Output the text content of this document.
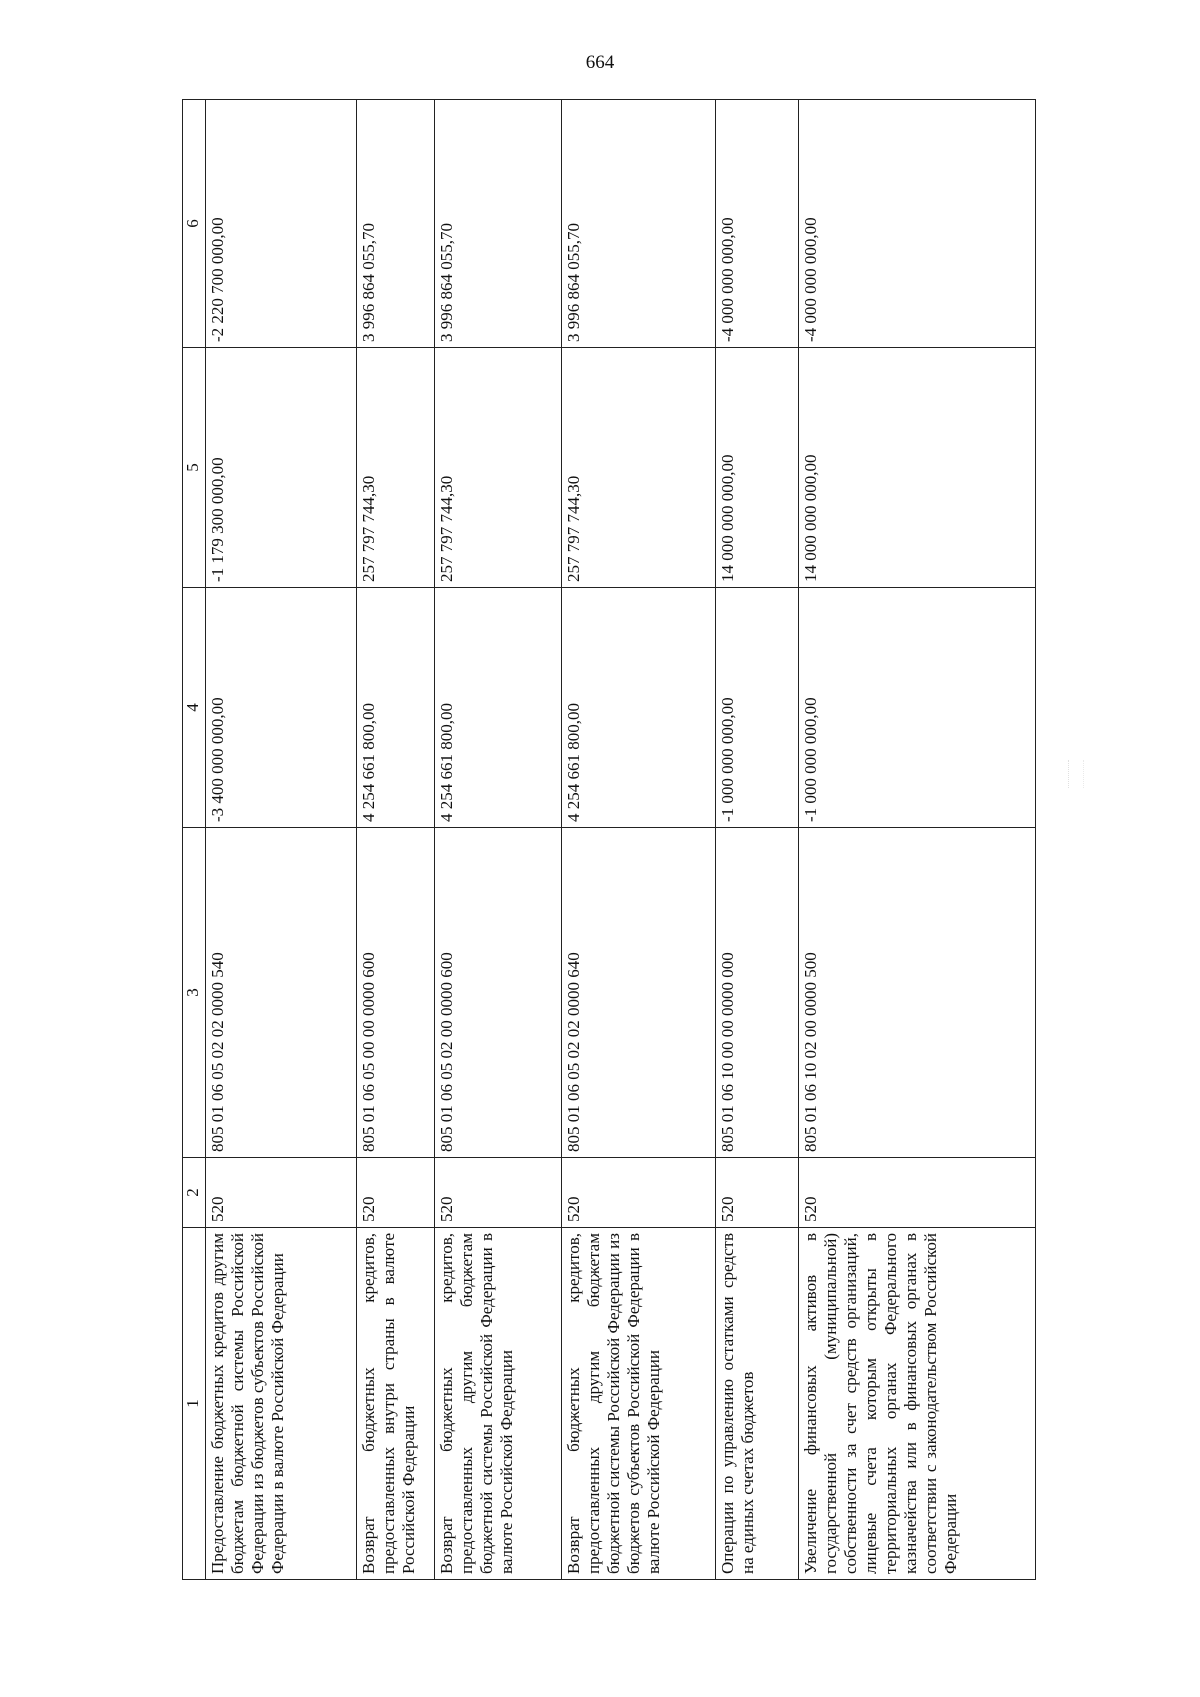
664
1	2	3	4	5	6
Предоставление бюджетных кредитов другим бюджетам бюджетной системы Российской Федерации из бюджетов субъектов Российской Федерации в валюте Российской Федерации	520	805 01 06 05 02 02 0000 540	-3 400 000 000,00	-1 179 300 000,00	-2 220 700 000,00
Возврат бюджетных кредитов, предоставленных внутри страны в валюте Российской Федерации	520	805 01 06 05 00 00 0000 600	4 254 661 800,00	257 797 744,30	3 996 864 055,70
Возврат бюджетных кредитов, предоставленных другим бюджетам бюджетной системы Российской Федерации в валюте Российской Федерации	520	805 01 06 05 02 00 0000 600	4 254 661 800,00	257 797 744,30	3 996 864 055,70
Возврат бюджетных кредитов, предоставленных другим бюджетам бюджетной системы Российской Федерации из бюджетов субъектов Российской Федерации в валюте Российской Федерации	520	805 01 06 05 02 02 0000 640	4 254 661 800,00	257 797 744,30	3 996 864 055,70
Операции по управлению остатками средств на единых счетах бюджетов	520	805 01 06 10 00 00 0000 000	-1 000 000 000,00	14 000 000 000,00	-4 000 000 000,00
Увеличение финансовых активов в государственной (муниципальной) собственности за счет средств организаций, лицевые счета которым открыты в территориальных органах Федерального казначейства или в финансовых органах в соответствии с законодательством Российской Федерации	520	805 01 06 10 02 00 0000 500	-1 000 000 000,00	14 000 000 000,00	-4 000 000 000,00
